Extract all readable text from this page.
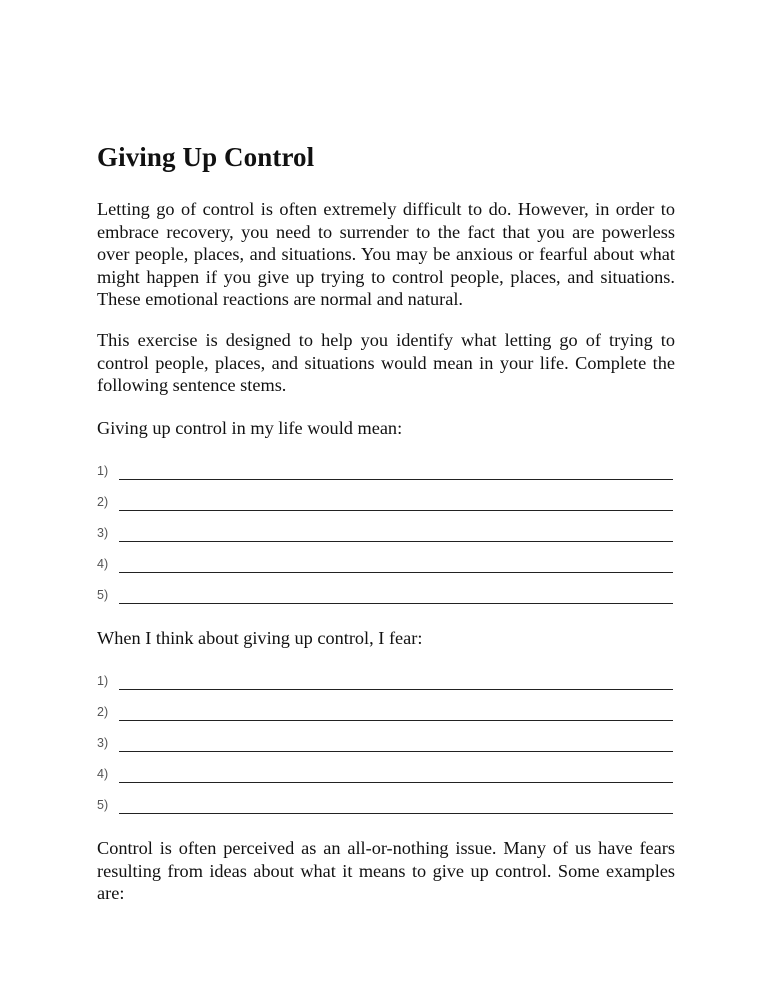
Giving Up Control

Letting go of control is often extremely difficult to do. However, in order to embrace recovery, you need to surrender to the fact that you are powerless over people, places, and situations. You may be anxious or fearful about what might happen if you give up trying to control people, places, and situations. These emotional reactions are normal and natural.

This exercise is designed to help you identify what letting go of trying to control people, places, and situations would mean in your life. Complete the following sentence stems.

Giving up control in my life would mean:

1)
2)
3)
4)
5)

When I think about giving up control, I fear:

1)
2)
3)
4)
5)

Control is often perceived as an all-or-nothing issue. Many of us have fears resulting from ideas about what it means to give up control. Some examples are:
